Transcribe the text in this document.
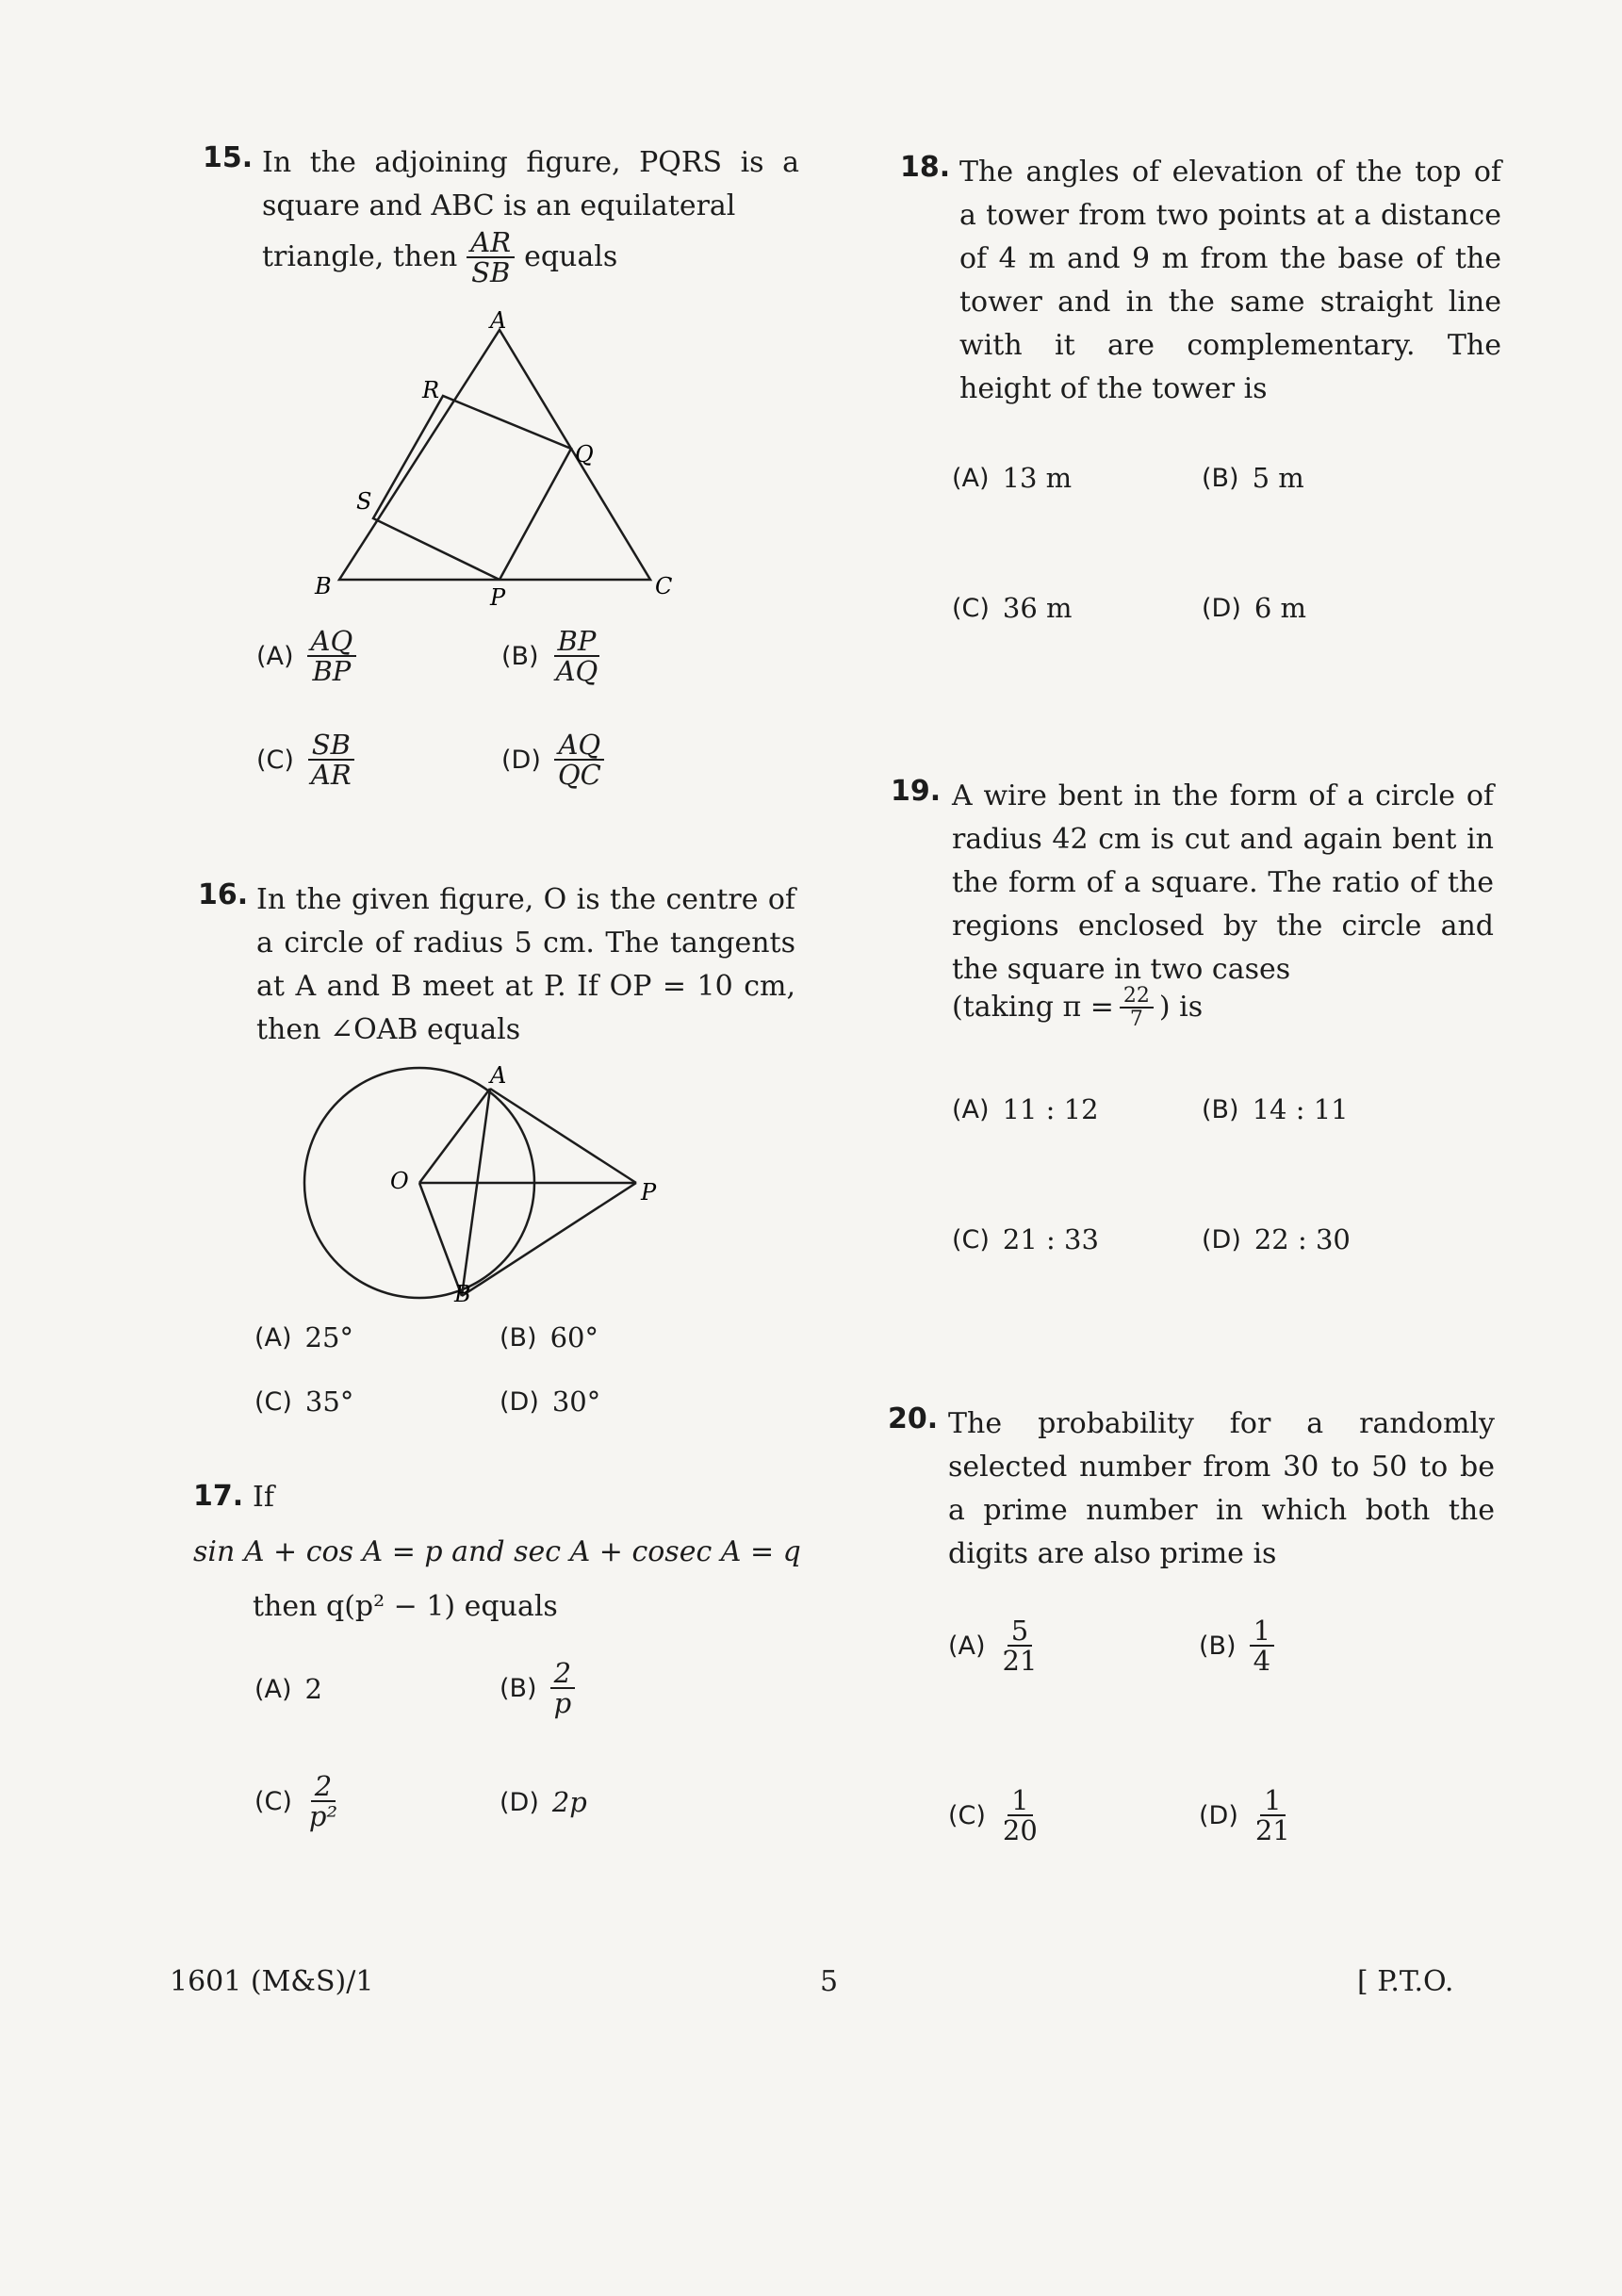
15. In the adjoining figure, PQRS is a square and ABC is an equilateral
triangle, then $\frac{AR}{SB}$ equals
A
R
Q
S
B	P	C
$(A) \frac{AQ}{BP}$	$(B) \frac{BP}{AQ}$
$(C) \frac{SB}{AR}$	$(D) \frac{AQ}{QC}$
16. In the given figure, O is the centre of a circle of radius 5 cm. The tangents at A and B meet at P. If OP = 10 cm, then ∠OAB equals
A
O	P
B
(A) 25°	(B) 60°
(C) 35°	(D) 30°
17. If
sin A + cos A = p and sec A + cosec A = q
then q(p² − 1) equals
(A) 2	$(B) \frac{2}{p}$
$(C) \frac{2}{\text{p²}}$	(D) 2p
18. The angles of elevation of the top of a tower from two points at a distance of 4 m and 9 m from the base of the tower and in the same straight line with it are complementary. The height of the tower is
(A) 13 m	(B) 5 m
(C) 36 m	(D) 6 m
19. A wire bent in the form of a circle of radius 42 cm is cut and again bent in the form of a square. The ratio of the regions enclosed by the circle and the square in two cases
(taking $\pi = \frac{22}{7}$ ) is
(A) 11 : 12	(B) 14 : 11
(C) 21 : 33	(D) 22 : 30
20. The probability for a randomly selected number from 30 to 50 to be a prime number in which both the digits are also prime is
$(A) \frac{5}{21}$	$(B) \frac{1}{4}$
$(C) \frac{1}{20}$	$(D) \frac{1}{21}$
1601 (M&S)/1	5	[ P.T.O.
